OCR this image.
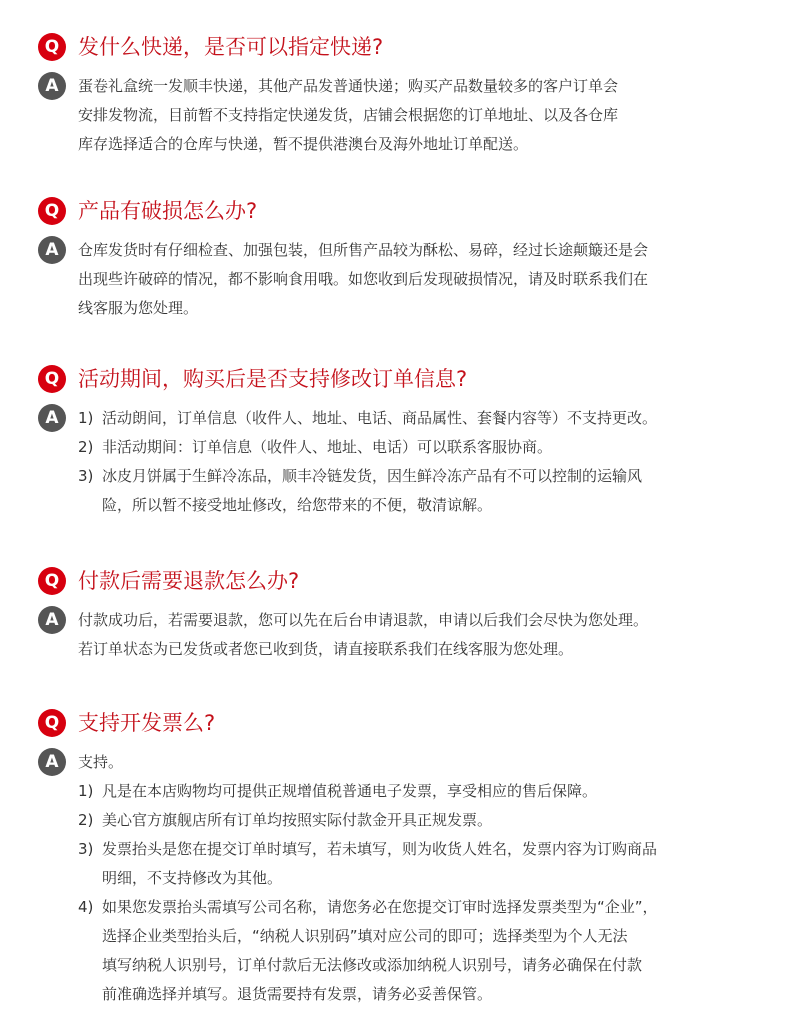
Q 发什么快递，是否可以指定快递?
A	蛋卷礼盒统一发顺丰快递，其他产品发普通快递；购买产品数量较多的客户订单会

安排发物流，目前暂不支持指定快递发货，店铺会根据您的订单地址、以及各仓库

库存选择适合的仓库与快递，暂不提供港澳台及海外地址订单配送。

Q 产品有破损怎么办?
A	仓库发货时有仔细检查、加强包装，但所售产品较为酥松、易碎，经过长途颠簸还是会

出现些许破碎的情况，都不影响食用哦。如您收到后发现破损情况，请及时联系我们在

线客服为您处理。

Q 活动期间，购买后是否支持修改订单信息?
A	1) 活动朗间，订单信息（收件人、地址、电话、商品属性、套餐内容等）不支持更改。

2) 非活动期间：订单信息（收件人、地址、电话）可以联系客服协商。

3) 冰皮月饼属于生鲜冷冻品，顺丰冷链发货，因生鲜冷冻产品有不可以控制的运输风

险，所以暂不接受地址修改，给您带来的不便，敬清谅解。

Q 付款后需要退款怎么办?
A	付款成功后，若需要退款，您可以先在后台申请退款，申请以后我们会尽快为您处理。

若订单状态为已发货或者您已收到货，请直接联系我们在线客服为您处理。

Q 支持开发票么?
A	支持。

1) 凡是在本店购物均可提供正规增值税普通电子发票，享受相应的售后保障。

2) 美心官方旗舰店所有订单均按照实际付款金开具正规发票。

3) 发票抬头是您在提交订单时填写，若未填写，则为收货人姓名，发票内容为订购商品

明细，不支持修改为其他。

4) 如果您发票抬头需填写公司名称，请您务必在您提交订审时选择发票类型为“企业”，

选择企业类型抬头后，“纳税人识别码”填对应公司的即可；选择类型为个人无法

填写纳税人识别号，订单付款后无法修改或添加纳税人识别号，请务必确保在付款

前准确选择并填写。退货需要持有发票，请务必妥善保管。
